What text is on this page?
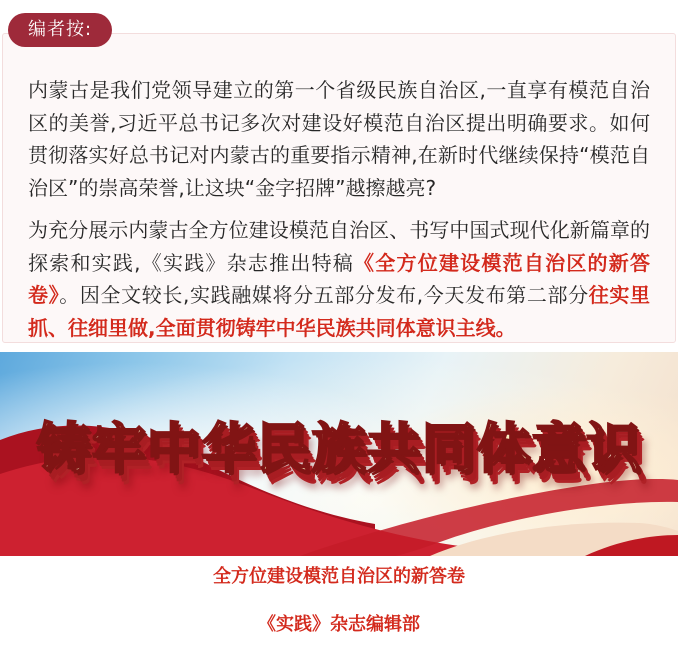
编者按:

内蒙古是我们党领导建立的第一个省级民族自治区,一直享有模范自治区的美誉,习近平总书记多次对建设好模范自治区提出明确要求。如何贯彻落实好总书记对内蒙古的重要指示精神,在新时代继续保持“模范自治区”的崇高荣誉,让这块“金字招牌”越擦越亮?

为充分展示内蒙古全方位建设模范自治区、书写中国式现代化新篇章的探索和实践,《实践》杂志推出特稿《全方位建设模范自治区的新答卷》。因全文较长,实践融媒将分五部分发布,今天发布第二部分往实里抓、往细里做,全面贯彻铸牢中华民族共同体意识主线。

铸牢中华民族共同体意识
全方位建设模范自治区的新答卷
《实践》杂志编辑部
